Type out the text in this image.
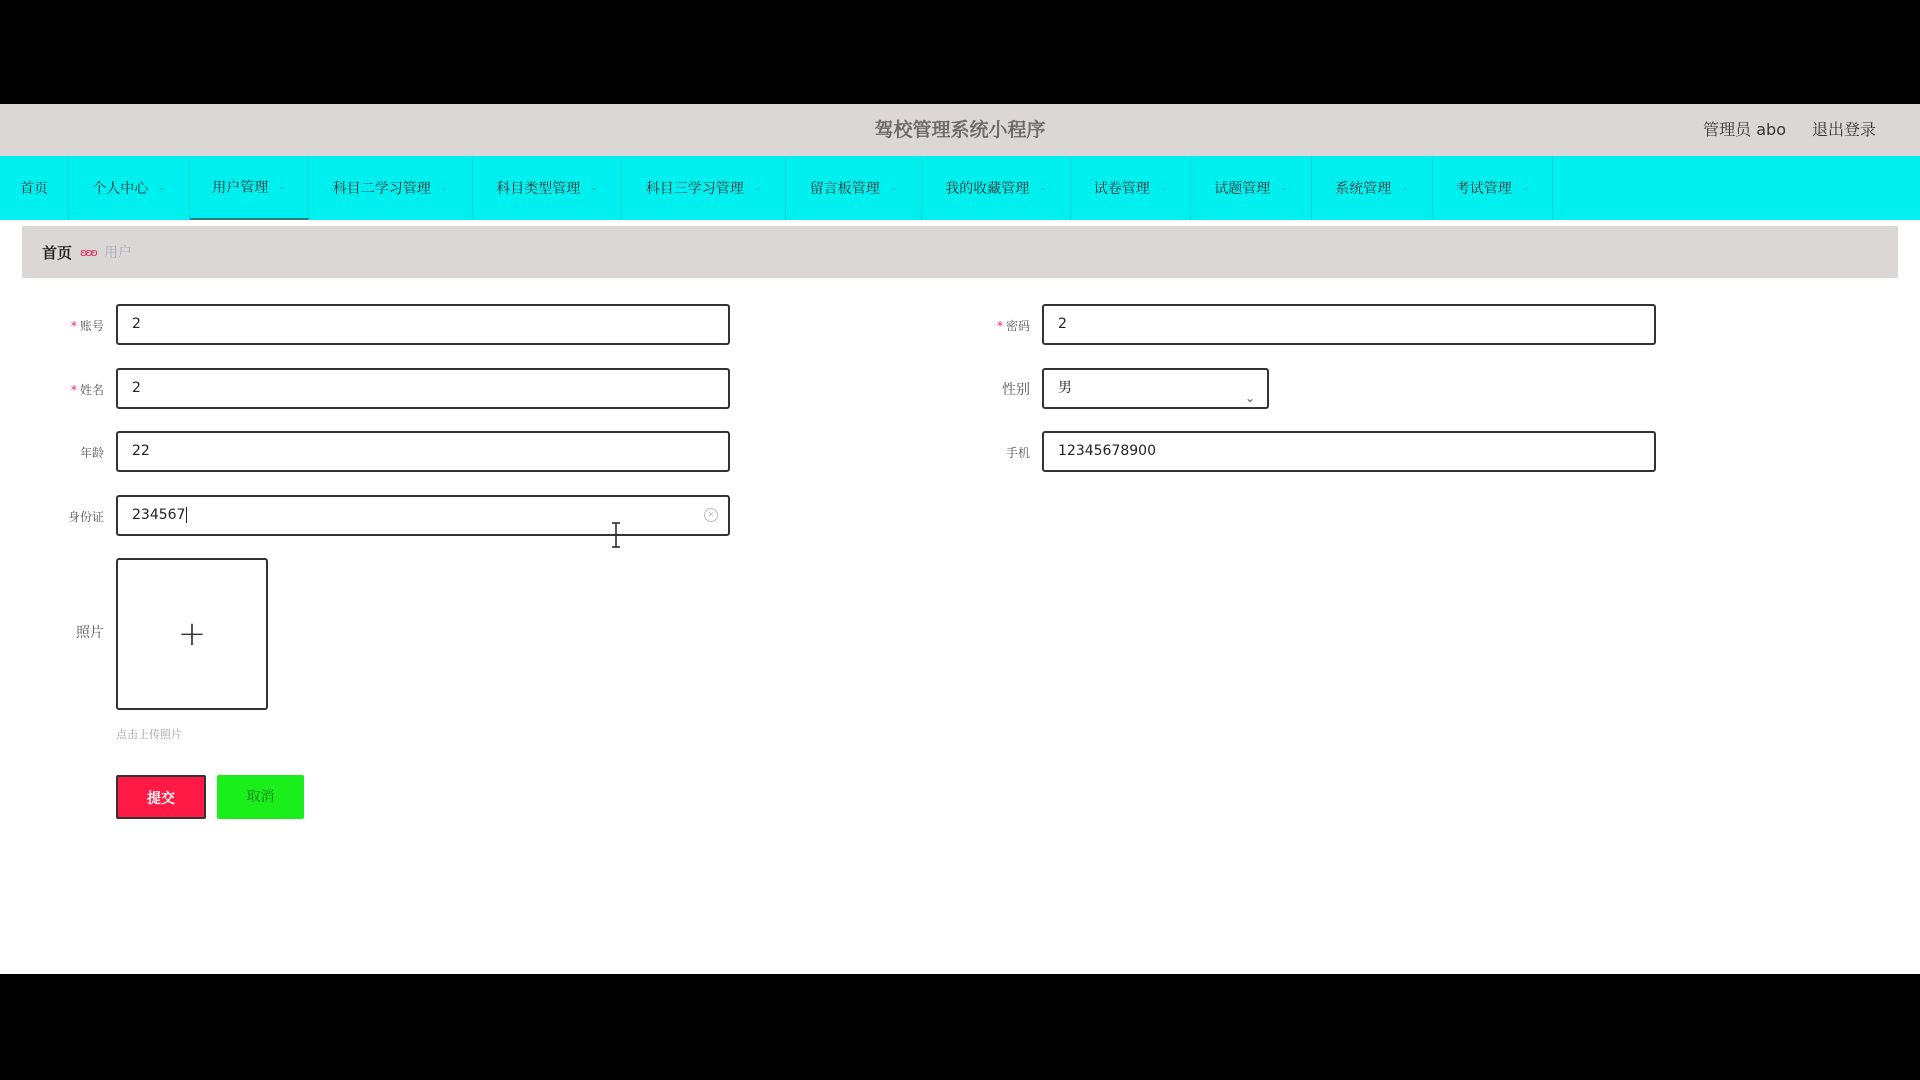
驾校管理系统小程序	管理员 abo 退出登录
首页	个人中心 ⌄	用户管理 ⌄	科目二学习管理 ⌄	科目类型管理 ⌄	科目三学习管理 ⌄	留言板管理 ⌄	我的收藏管理 ⌄	试卷管理 ⌄	试题管理 ⌄	系统管理 ⌄	考试管理 ⌄
首页 ʚʚʚ 用户
* 账号	2	* 密码	2
* 姓名	2	性别	男
⌄
年龄	22	手机	12345678900
身份证	234567	×
照片	+
点击上传照片
提交	取消
